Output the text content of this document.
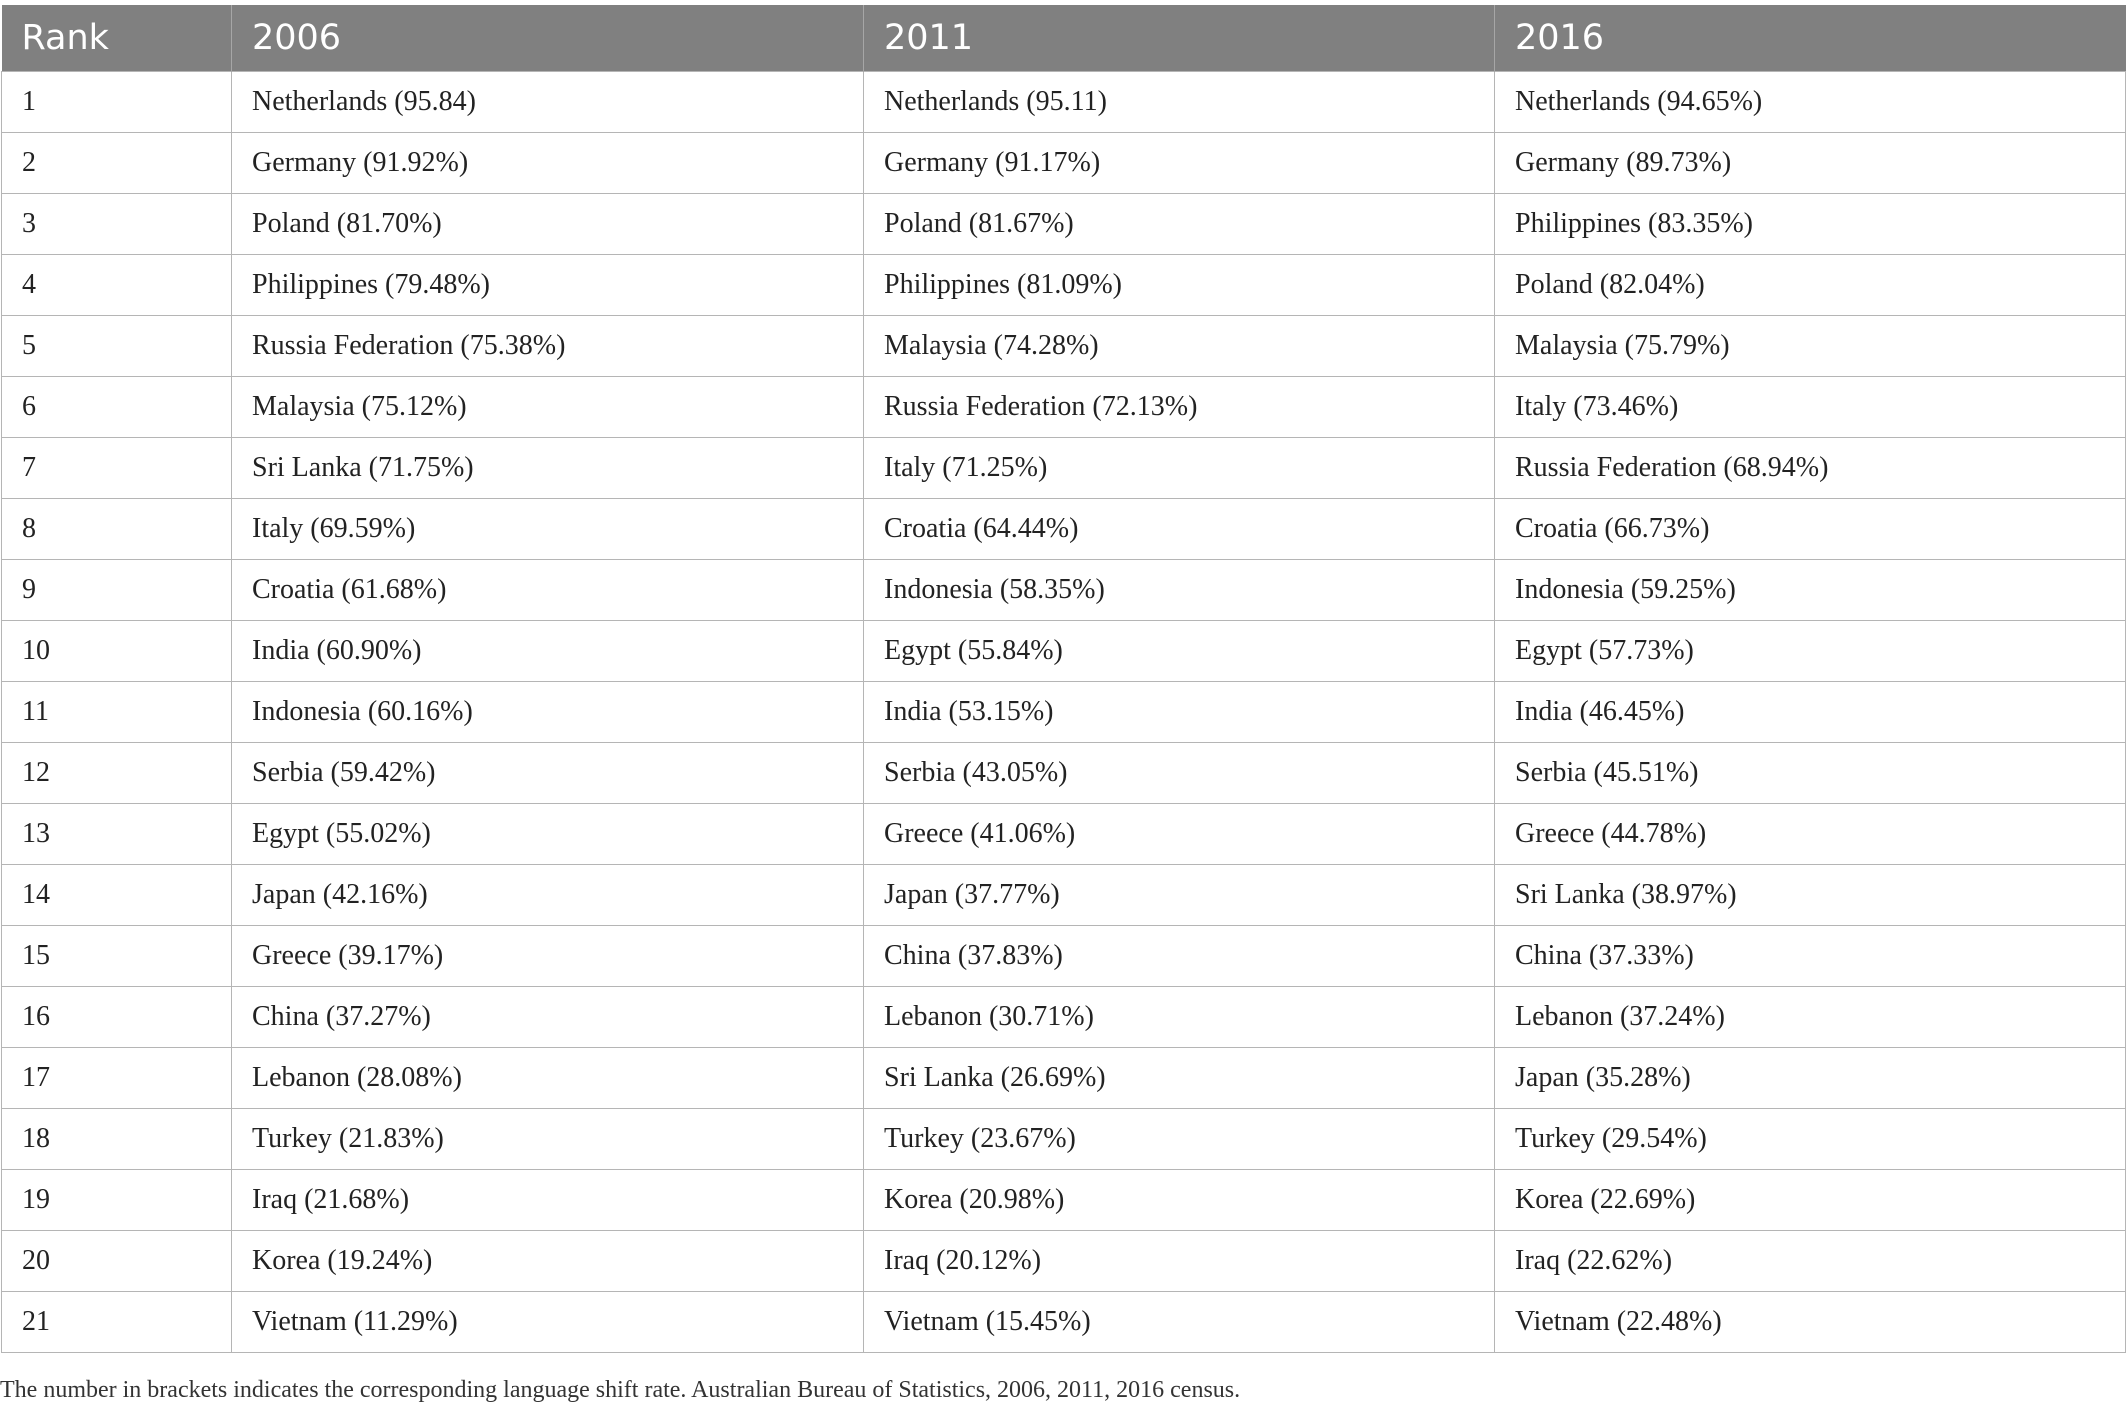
Rank	2006	2011	2016
1	Netherlands (95.84)	Netherlands (95.11)	Netherlands (94.65%)
2	Germany (91.92%)	Germany (91.17%)	Germany (89.73%)
3	Poland (81.70%)	Poland (81.67%)	Philippines (83.35%)
4	Philippines (79.48%)	Philippines (81.09%)	Poland (82.04%)
5	Russia Federation (75.38%)	Malaysia (74.28%)	Malaysia (75.79%)
6	Malaysia (75.12%)	Russia Federation (72.13%)	Italy (73.46%)
7	Sri Lanka (71.75%)	Italy (71.25%)	Russia Federation (68.94%)
8	Italy (69.59%)	Croatia (64.44%)	Croatia (66.73%)
9	Croatia (61.68%)	Indonesia (58.35%)	Indonesia (59.25%)
10	India (60.90%)	Egypt (55.84%)	Egypt (57.73%)
11	Indonesia (60.16%)	India (53.15%)	India (46.45%)
12	Serbia (59.42%)	Serbia (43.05%)	Serbia (45.51%)
13	Egypt (55.02%)	Greece (41.06%)	Greece (44.78%)
14	Japan (42.16%)	Japan (37.77%)	Sri Lanka (38.97%)
15	Greece (39.17%)	China (37.83%)	China (37.33%)
16	China (37.27%)	Lebanon (30.71%)	Lebanon (37.24%)
17	Lebanon (28.08%)	Sri Lanka (26.69%)	Japan (35.28%)
18	Turkey (21.83%)	Turkey (23.67%)	Turkey (29.54%)
19	Iraq (21.68%)	Korea (20.98%)	Korea (22.69%)
20	Korea (19.24%)	Iraq (20.12%)	Iraq (22.62%)
21	Vietnam (11.29%)	Vietnam (15.45%)	Vietnam (22.48%)
The number in brackets indicates the corresponding language shift rate. Australian Bureau of Statistics, 2006, 2011, 2016 census.
